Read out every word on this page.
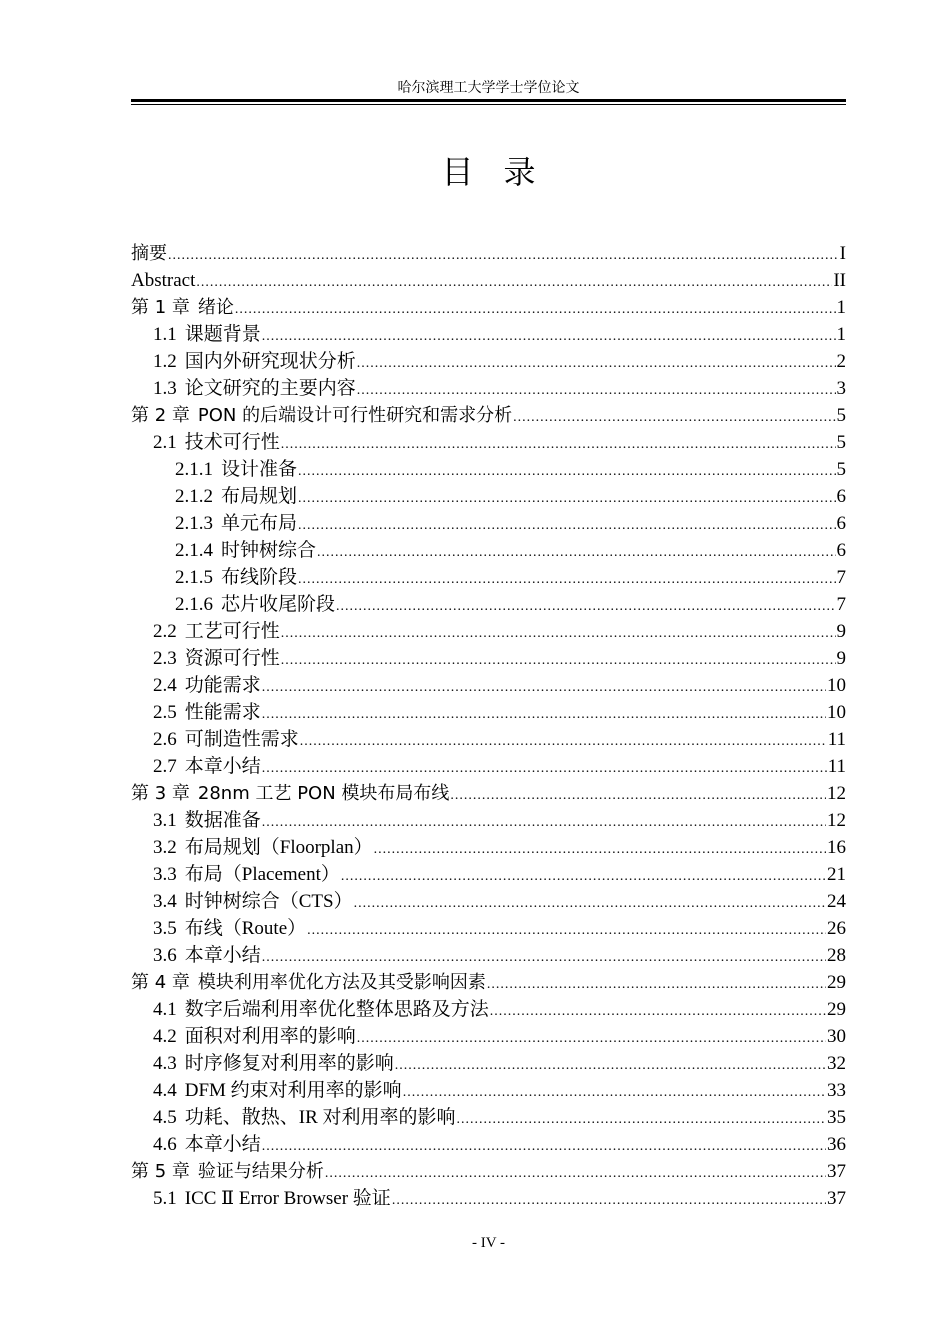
哈尔滨理工大学学士学位论文
目录
摘要 .....	I
Abstract .....	II
第 1 章 绪论 .....	1
1.1 课题背景 .....	1
1.2 国内外研究现状分析 .....	2
1.3 论文研究的主要内容 .....	3
第 2 章 PON 的后端设计可行性研究和需求分析 .....	5
2.1 技术可行性 .....	5
2.1.1 设计准备 .....	5
2.1.2 布局规划 .....	6
2.1.3 单元布局 .....	6
2.1.4 时钟树综合 .....	6
2.1.5 布线阶段 .....	7
2.1.6 芯片收尾阶段 .....	7
2.2 工艺可行性 .....	9
2.3 资源可行性 .....	9
2.4 功能需求 .....	10
2.5 性能需求 .....	10
2.6 可制造性需求 .....	11
2.7 本章小结 .....	11
第 3 章 28nm 工艺 PON 模块布局布线 .....	12
3.1 数据准备 .....	12
3.2 布局规划（Floorplan） .....	16
3.3 布局（Placement） .....	21
3.4 时钟树综合（CTS） .....	24
3.5 布线（Route） .....	26
3.6 本章小结 .....	28
第 4 章 模块利用率优化方法及其受影响因素 .....	29
4.1 数字后端利用率优化整体思路及方法 .....	29
4.2 面积对利用率的影响 .....	30
4.3 时序修复对利用率的影响 .....	32
4.4 DFM 约束对利用率的影响 .....	33
4.5 功耗、散热、IR 对利用率的影响 .....	35
4.6 本章小结 .....	36
第 5 章 验证与结果分析 .....	37
5.1 ICC Ⅱ Error Browser 验证 .....	37
- IV -
